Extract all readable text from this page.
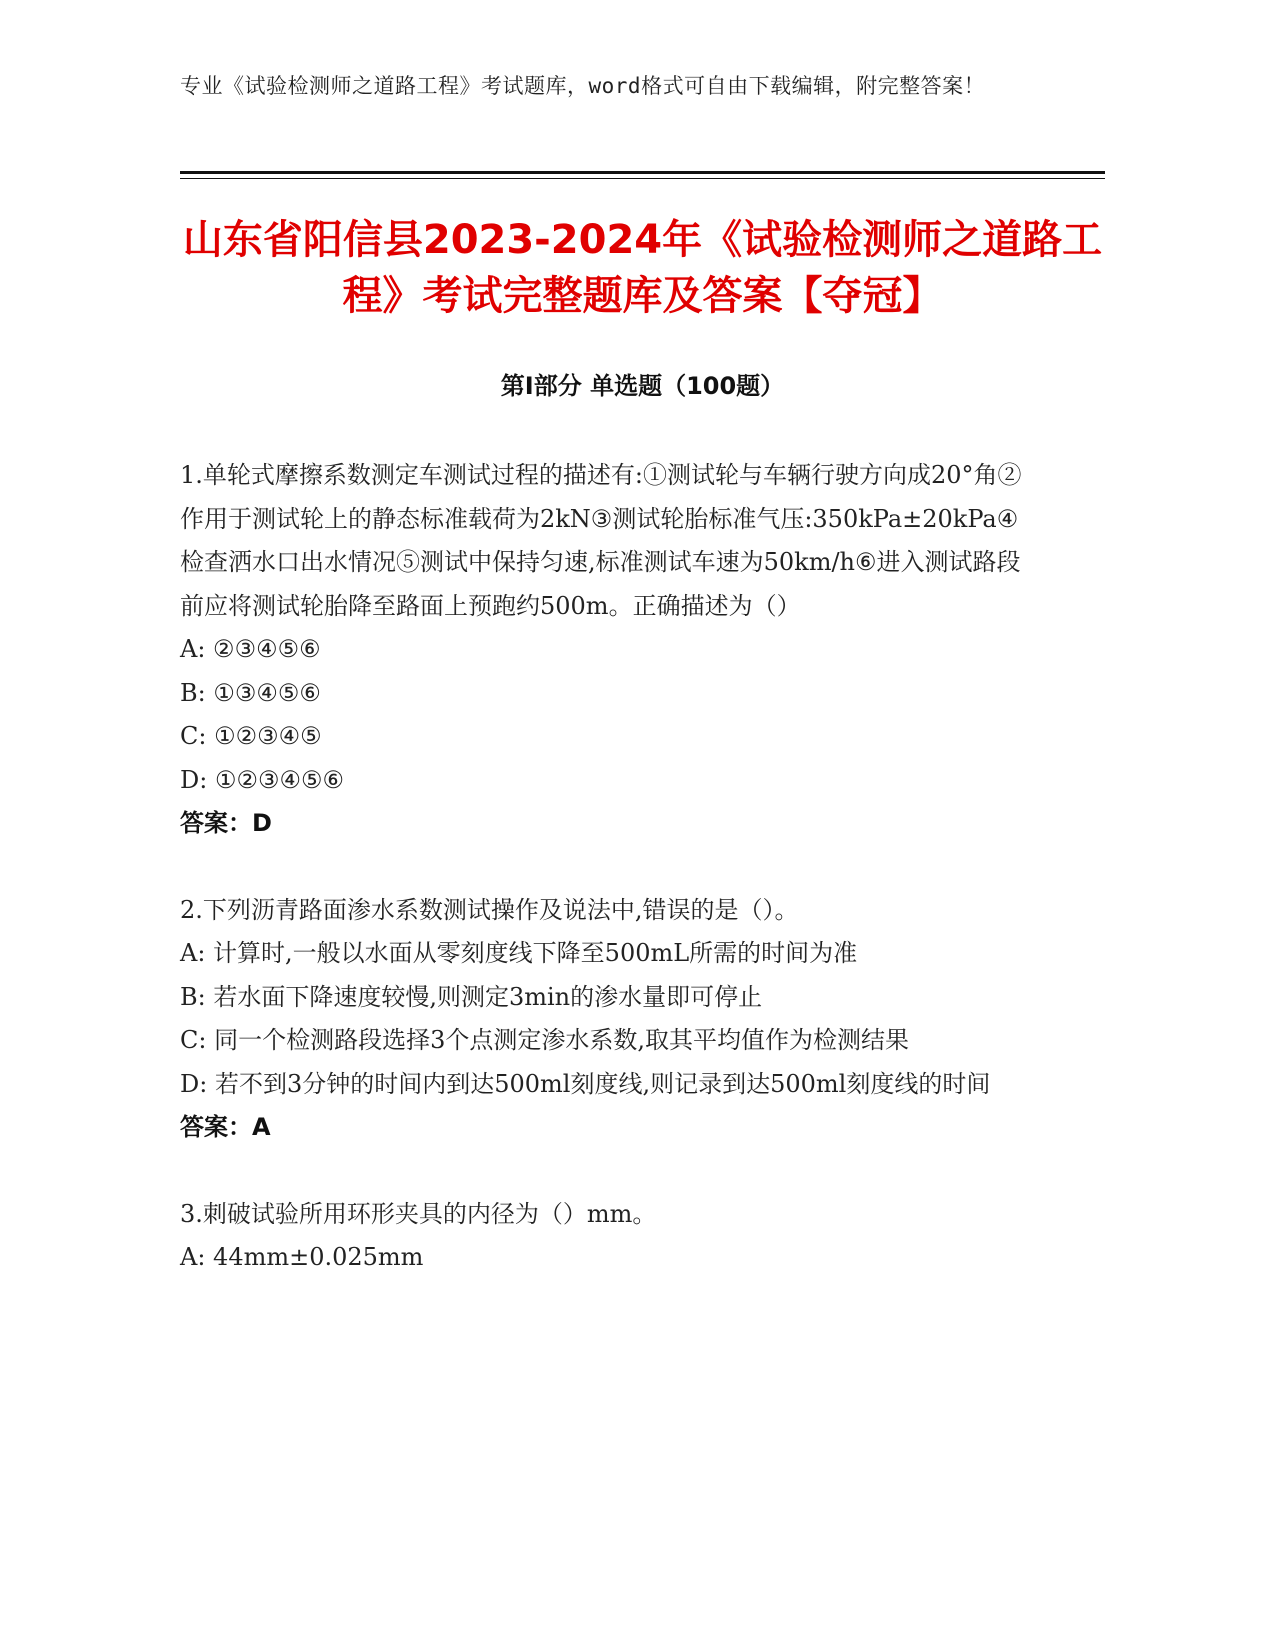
专业《试验检测师之道路工程》考试题库，word格式可自由下载编辑，附完整答案！
山东省阳信县2023-2024年《试验检测师之道路工程》考试完整题库及答案【夺冠】
第Ⅰ部分 单选题（100题）

1.单轮式摩擦系数测定车测试过程的描述有:①测试轮与车辆行驶方向成20°角②作用于测试轮上的静态标准载荷为2kN③测试轮胎标准气压:350kPa±20kPa④检查洒水口出水情况⑤测试中保持匀速,标准测试车速为50km/h⑥进入测试路段前应将测试轮胎降至路面上预跑约500m。正确描述为（）

A: ②③④⑤⑥

B: ①③④⑤⑥

C: ①②③④⑤

D: ①②③④⑤⑥

答案：D

2.下列沥青路面渗水系数测试操作及说法中,错误的是（）。

A: 计算时,一般以水面从零刻度线下降至500mL所需的时间为准

B: 若水面下降速度较慢,则测定3min的渗水量即可停止

C: 同一个检测路段选择3个点测定渗水系数,取其平均值作为检测结果

D: 若不到3分钟的时间内到达500ml刻度线,则记录到达500ml刻度线的时间

答案：A

3.刺破试验所用环形夹具的内径为（）mm。

A: 44mm±0.025mm
